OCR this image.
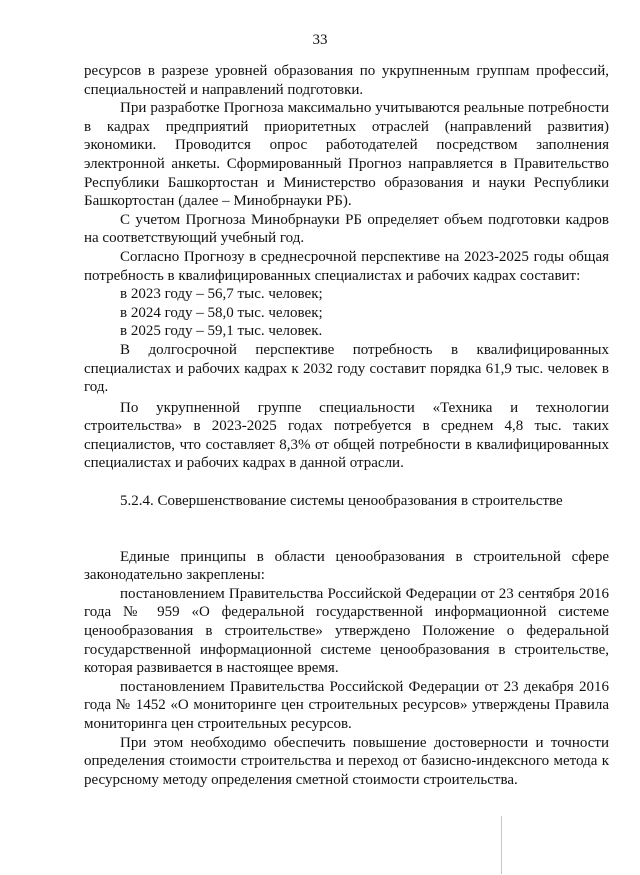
33

ресурсов в разрезе уровней образования по укрупненным группам профессий, специальностей и направлений подготовки.

При разработке Прогноза максимально учитываются реальные потребности в кадрах предприятий приоритетных отраслей (направлений развития) экономики. Проводится опрос работодателей посредством заполнения электронной анкеты. Сформированный Прогноз направляется в Правительство Республики Башкортостан и Министерство образования и науки Республики Башкортостан (далее – Минобрнауки РБ).

С учетом Прогноза Минобрнауки РБ определяет объем подготовки кадров на соответствующий учебный год.

Согласно Прогнозу в среднесрочной перспективе на 2023-2025 годы общая потребность в квалифицированных специалистах и рабочих кадрах составит:

в 2023 году – 56,7 тыс. человек;

в 2024 году – 58,0 тыс. человек;

в 2025 году – 59,1 тыс. человек.

В долгосрочной перспективе потребность в квалифицированных специалистах и рабочих кадрах к 2032 году составит порядка 61,9 тыс. человек в год.

По укрупненной группе специальности «Техника и технологии строительства» в 2023-2025 годах потребуется в среднем 4,8 тыс. таких специалистов, что составляет 8,3% от общей потребности в квалифицированных специалистах и рабочих кадрах в данной отрасли.

5.2.4. Совершенствование системы ценообразования в строительстве

Единые принципы в области ценообразования в строительной сфере законодательно закреплены:

постановлением Правительства Российской Федерации от 23 сентября 2016 года № 959 «О федеральной государственной информационной системе ценообразования в строительстве» утверждено Положение о федеральной государственной информационной системе ценообразования в строительстве, которая развивается в настоящее время.

постановлением Правительства Российской Федерации от 23 декабря 2016 года № 1452 «О мониторинге цен строительных ресурсов» утверждены Правила мониторинга цен строительных ресурсов.

При этом необходимо обеспечить повышение достоверности и точности определения стоимости строительства и переход от базисно-индексного метода к ресурсному методу определения сметной стоимости строительства.
